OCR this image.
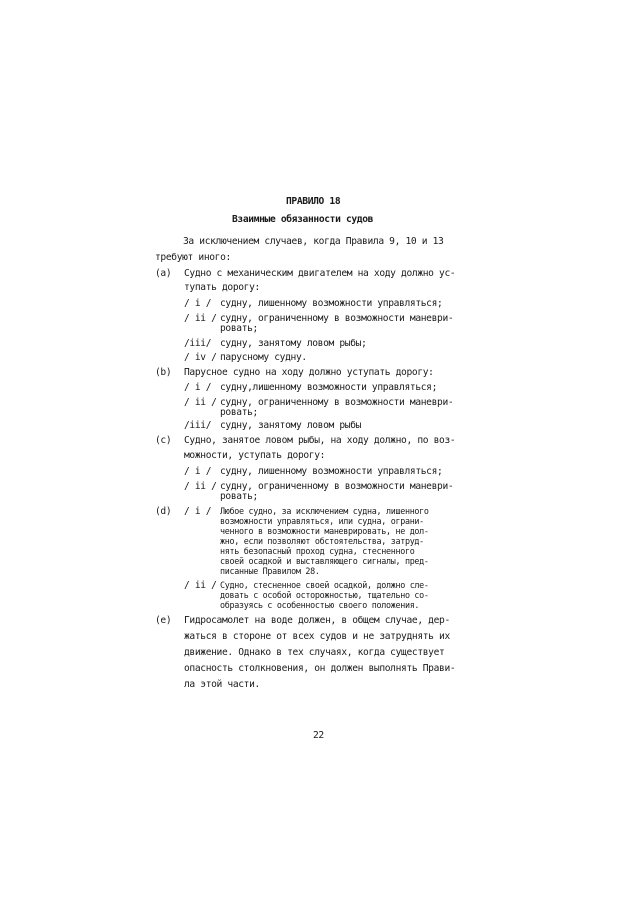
ПРАВИЛО 18
Взаимные обязанности судов
За исключением случаев, когда Правила 9, 10 и 13
требуют иного:
(a) Судно с механическим двигателем на ходу должно ус-
тупать дорогу:
/ i / судну, лишенному возможности управляться;
/ ii / судну, ограниченному в возможности маневри-
ровать;
/iii/ судну, занятому ловом рыбы;
/ iv / парусному судну.
(b) Парусное судно на ходу должно уступать дорогу:
/ i / судну,лишенному возможности управляться;
/ ii / судну, ограниченному в возможности маневри-
ровать;
/iii/ судну, занятому ловом рыбы
(c) Судно, занятое ловом рыбы, на ходу должно, по воз-
можности, уступать дорогу:
/ i / судну, лишенному возможности управляться;
/ ii / судну, ограниченному в возможности маневри-
ровать;
(d) / i / Любое судно, за исключением судна, лишенного
возможности управляться, или судна, ограни-
ченного в возможности маневрировать, не дол-
жно, если позволяют обстоятельства, затруд-
нять безопасный проход судна, стесненного
своей осадкой и выставляющего сигналы, пред-
писанные Правилом 28.
/ ii / Судно, стесненное своей осадкой, должно сле-
довать с особой осторожностью, тщательно со-
образуясь с особенностью своего положения.
(e) Гидросамолет на воде должен, в общем случае, дер-
жаться в стороне от всех судов и не затруднять их
движение. Однако в тех случаях, когда существует
опасность столкновения, он должен выполнять Прави-
ла этой части.
22
